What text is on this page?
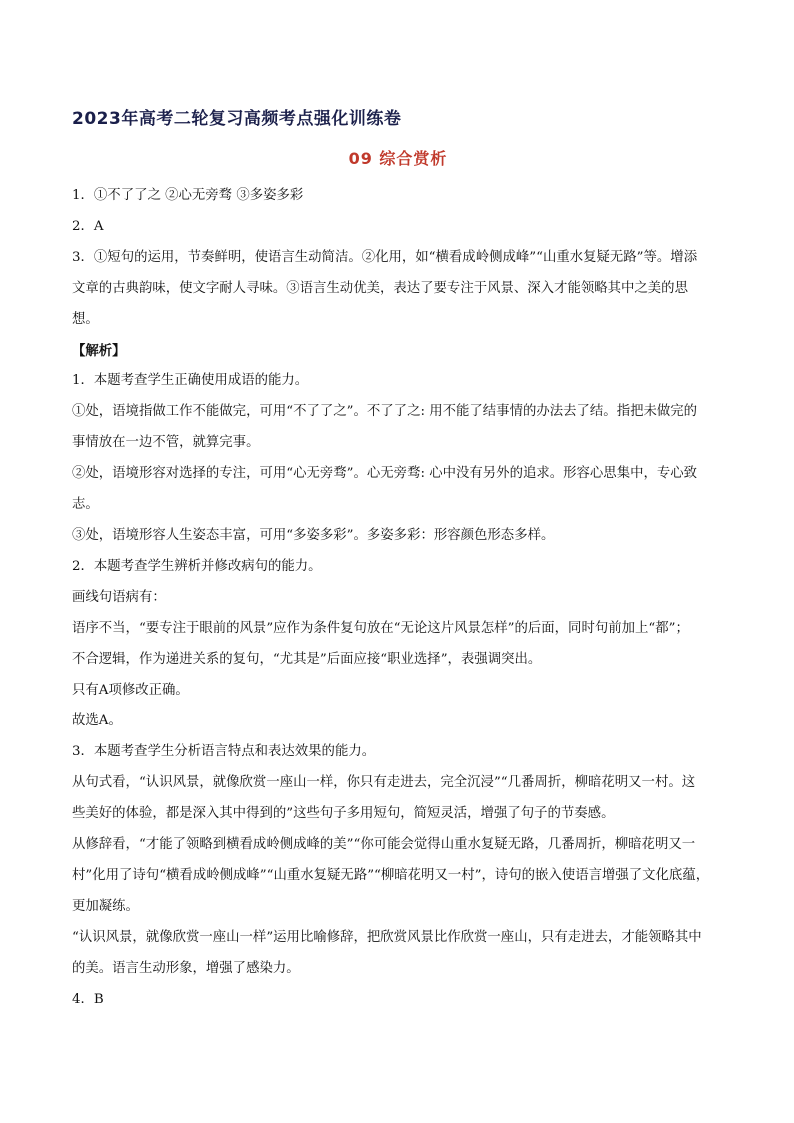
2023年高考二轮复习高频考点强化训练卷
09 综合赏析

1．①不了了之 ②心无旁骛 ③多姿多彩

2．A

3．①短句的运用，节奏鲜明，使语言生动简洁。②化用，如“横看成岭侧成峰”“山重水复疑无路”等。增添

文章的古典韵味，使文字耐人寻味。③语言生动优美，表达了要专注于风景、深入才能领略其中之美的思

想。

【解析】

1．本题考查学生正确使用成语的能力。

①处，语境指做工作不能做完，可用“不了了之”。不了了之: 用不能了结事情的办法去了结。指把未做完的

事情放在一边不管，就算完事。

②处，语境形容对选择的专注，可用“心无旁骛”。心无旁骛: 心中没有另外的追求。形容心思集中，专心致

志。

③处，语境形容人生姿态丰富，可用“多姿多彩”。多姿多彩：形容颜色形态多样。

2．本题考查学生辨析并修改病句的能力。

画线句语病有：

语序不当，“要专注于眼前的风景”应作为条件复句放在“无论这片风景怎样”的后面，同时句前加上“都”；

不合逻辑，作为递进关系的复句，“尤其是”后面应接“职业选择”，表强调突出。

只有A项修改正确。

故选A。

3．本题考查学生分析语言特点和表达效果的能力。

从句式看，“认识风景，就像欣赏一座山一样，你只有走进去，完全沉浸”“几番周折，柳暗花明又一村。这

些美好的体验，都是深入其中得到的”这些句子多用短句，简短灵活，增强了句子的节奏感。

从修辞看，“才能了领略到横看成岭侧成峰的美”“你可能会觉得山重水复疑无路，几番周折，柳暗花明又一

村”化用了诗句“横看成岭侧成峰”“山重水复疑无路”“柳暗花明又一村”，诗句的嵌入使语言增强了文化底蕴，

更加凝练。

“认识风景，就像欣赏一座山一样”运用比喻修辞，把欣赏风景比作欣赏一座山，只有走进去，才能领略其中

的美。语言生动形象，增强了感染力。

4．B
